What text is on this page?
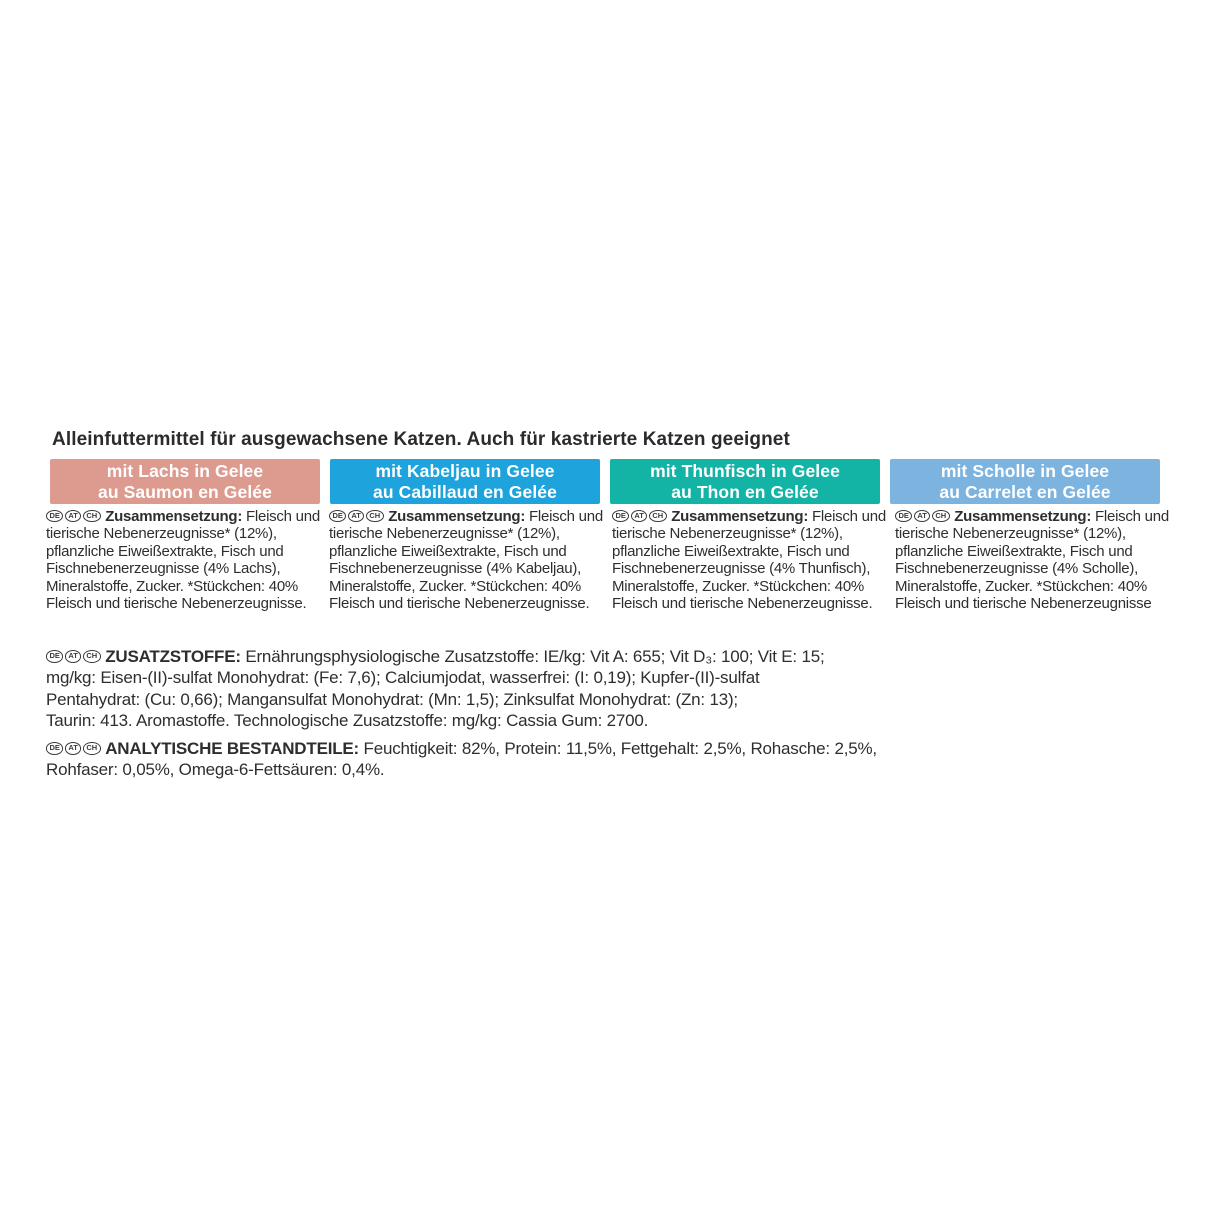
Alleinfuttermittel für ausgewachsene Katzen. Auch für kastrierte Katzen geeignet
mit Lachs in Gelee
au Saumon en Gelée
mit Kabeljau in Gelee
au Cabillaud en Gelée
mit Thunfisch in Gelee
au Thon en Gelée
mit Scholle in Gelee
au Carrelet en Gelée
DE AT CH Zusammensetzung: Fleisch und
tierische Nebenerzeugnisse* (12%),
pflanzliche Eiweißextrakte, Fisch und
Fischnebenerzeugnisse (4% Lachs),
Mineralstoffe, Zucker. *Stückchen: 40%
Fleisch und tierische Nebenerzeugnisse.
DE AT CH Zusammensetzung: Fleisch und
tierische Nebenerzeugnisse* (12%),
pflanzliche Eiweißextrakte, Fisch und
Fischnebenerzeugnisse (4% Kabeljau),
Mineralstoffe, Zucker. *Stückchen: 40%
Fleisch und tierische Nebenerzeugnisse.
DE AT CH Zusammensetzung: Fleisch und
tierische Nebenerzeugnisse* (12%),
pflanzliche Eiweißextrakte, Fisch und
Fischnebenerzeugnisse (4% Thunfisch),
Mineralstoffe, Zucker. *Stückchen: 40%
Fleisch und tierische Nebenerzeugnisse.
DE AT CH Zusammensetzung: Fleisch und
tierische Nebenerzeugnisse* (12%),
pflanzliche Eiweißextrakte, Fisch und
Fischnebenerzeugnisse (4% Scholle),
Mineralstoffe, Zucker. *Stückchen: 40%
Fleisch und tierische Nebenerzeugnisse
DE AT CH ZUSATZSTOFFE: Ernährungsphysiologische Zusatzstoffe: IE/kg: Vit A: 655; Vit D₃: 100; Vit E: 15;
mg/kg: Eisen-(II)-sulfat Monohydrat: (Fe: 7,6); Calciumjodat, wasserfrei: (I: 0,19); Kupfer-(II)-sulfat
Pentahydrat: (Cu: 0,66); Mangansulfat Monohydrat: (Mn: 1,5); Zinksulfat Monohydrat: (Zn: 13);
Taurin: 413. Aromastoffe. Technologische Zusatzstoffe: mg/kg: Cassia Gum: 2700.
DE AT CH ANALYTISCHE BESTANDTEILE: Feuchtigkeit: 82%, Protein: 11,5%, Fettgehalt: 2,5%, Rohasche: 2,5%,
Rohfaser: 0,05%, Omega-6-Fettsäuren: 0,4%.
